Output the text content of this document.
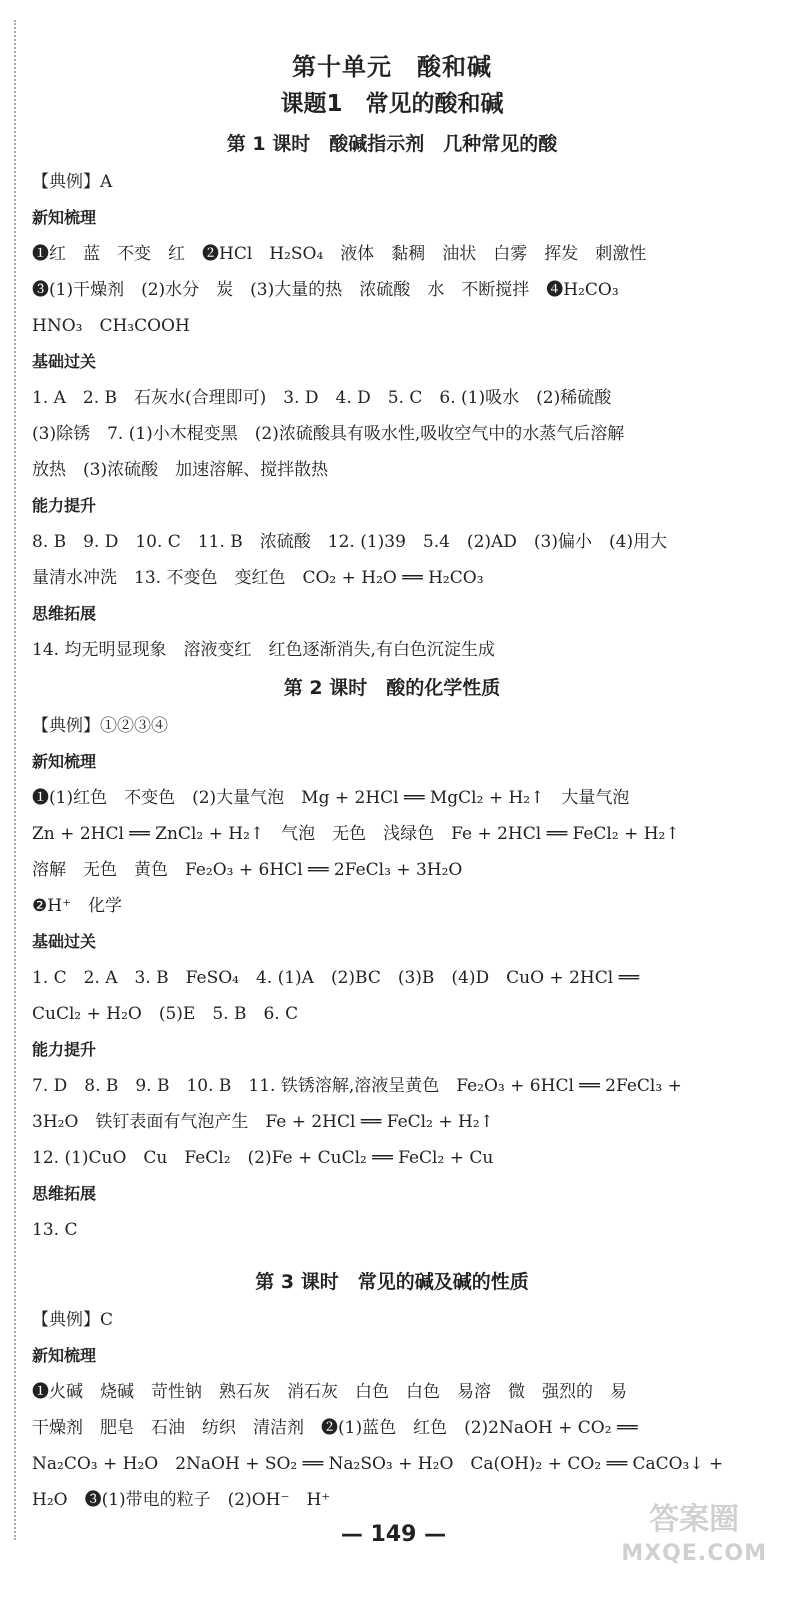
第十单元　酸和碱
课题1　常见的酸和碱
第 1 课时　酸碱指示剂　几种常见的酸
【典例】A
新知梳理
❶红　蓝　不变　红　❷HCl　H₂SO₄　液体　黏稠　油状　白雾　挥发　刺激性
❸(1)干燥剂　(2)水分　炭　(3)大量的热　浓硫酸　水　不断搅拌　❹H₂CO₃
HNO₃　CH₃COOH
基础过关
1. A　2. B　石灰水(合理即可)　3. D　4. D　5. C　6. (1)吸水　(2)稀硫酸
(3)除锈　7. (1)小木棍变黑　(2)浓硫酸具有吸水性,吸收空气中的水蒸气后溶解
放热　(3)浓硫酸　加速溶解、搅拌散热
能力提升
8. B　9. D　10. C　11. B　浓硫酸　12. (1)39　5.4　(2)AD　(3)偏小　(4)用大
量清水冲洗　13. 不变色　变红色　CO₂ + H₂O ══ H₂CO₃
思维拓展
14. 均无明显现象　溶液变红　红色逐渐消失,有白色沉淀生成
第 2 课时　酸的化学性质
【典例】①②③④
新知梳理
❶(1)红色　不变色　(2)大量气泡　Mg + 2HCl ══ MgCl₂ + H₂↑　大量气泡
Zn + 2HCl ══ ZnCl₂ + H₂↑　气泡　无色　浅绿色　Fe + 2HCl ══ FeCl₂ + H₂↑
溶解　无色　黄色　Fe₂O₃ + 6HCl ══ 2FeCl₃ + 3H₂O
❷H⁺　化学
基础过关
1. C　2. A　3. B　FeSO₄　4. (1)A　(2)BC　(3)B　(4)D　CuO + 2HCl ══
CuCl₂ + H₂O　(5)E　5. B　6. C
能力提升
7. D　8. B　9. B　10. B　11. 铁锈溶解,溶液呈黄色　Fe₂O₃ + 6HCl ══ 2FeCl₃ +
3H₂O　铁钉表面有气泡产生　Fe + 2HCl ══ FeCl₂ + H₂↑
12. (1)CuO　Cu　FeCl₂　(2)Fe + CuCl₂ ══ FeCl₂ + Cu
思维拓展
13. C
第 3 课时　常见的碱及碱的性质
【典例】C
新知梳理
❶火碱　烧碱　苛性钠　熟石灰　消石灰　白色　白色　易溶　微　强烈的　易
干燥剂　肥皂　石油　纺织　清洁剂　❷(1)蓝色　红色　(2)2NaOH + CO₂ ══
Na₂CO₃ + H₂O　2NaOH + SO₂ ══ Na₂SO₃ + H₂O　Ca(OH)₂ + CO₂ ══ CaCO₃↓ +
H₂O　❸(1)带电的粒子　(2)OH⁻　H⁺
— 149 —	答案圈
MXQE.COM
